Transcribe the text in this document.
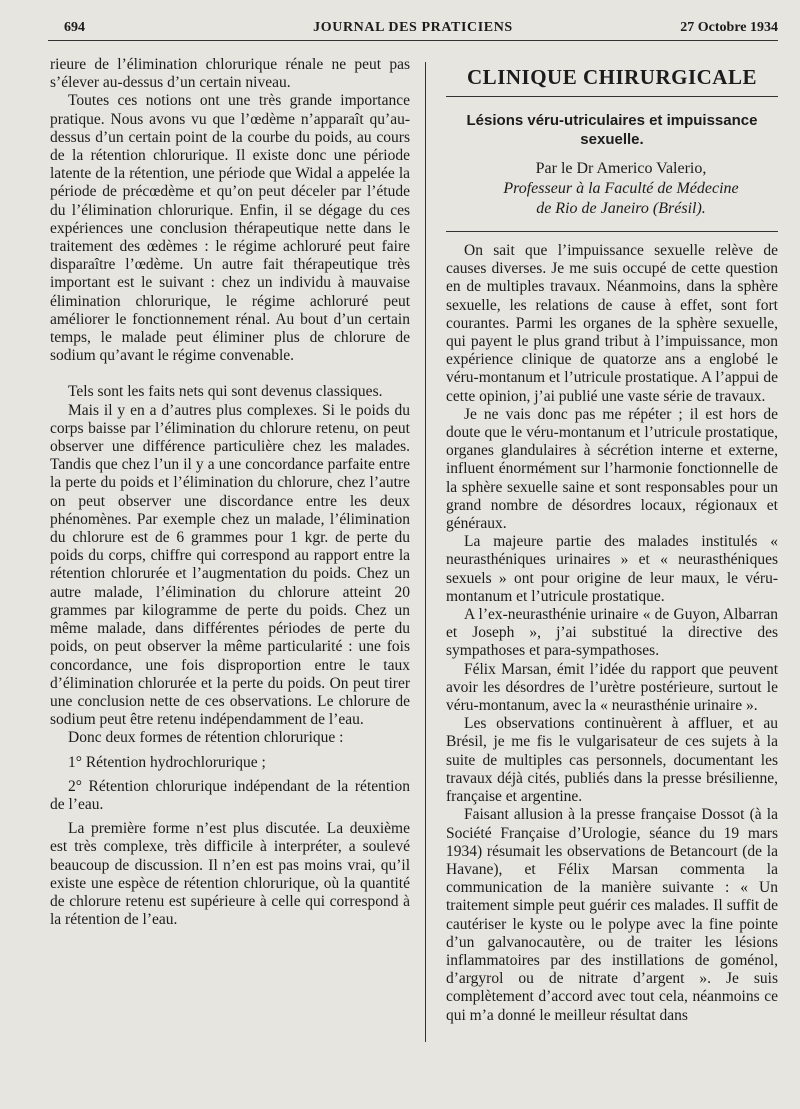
694	JOURNAL DES PRATICIENS	27 Octobre 1934

rieure de l’élimination chlorurique rénale ne peut pas s’élever au-dessus d’un certain niveau.

Toutes ces notions ont une très grande importance pratique. Nous avons vu que l’œdème n’apparaît qu’au-dessus d’un certain point de la courbe du poids, au cours de la rétention chlorurique. Il existe donc une période latente de la rétention, une période que Widal a appelée la période de précœdème et qu’on peut déceler par l’étude du l’élimination chlorurique. Enfin, il se dégage du ces expériences une conclusion thérapeutique nette dans le traitement des œdèmes : le régime achloruré peut faire disparaître l’œdème. Un autre fait thérapeutique très important est le suivant : chez un individu à mauvaise élimination chlorurique, le régime achloruré peut améliorer le fonctionnement rénal. Au bout d’un certain temps, le malade peut éliminer plus de chlorure de sodium qu’avant le régime convenable.

Tels sont les faits nets qui sont devenus classiques.

Mais il y en a d’autres plus complexes. Si le poids du corps baisse par l’élimination du chlorure retenu, on peut observer une différence particulière chez les malades. Tandis que chez l’un il y a une concordance parfaite entre la perte du poids et l’élimination du chlorure, chez l’autre on peut observer une discordance entre les deux phénomènes. Par exemple chez un malade, l’élimination du chlorure est de 6 grammes pour 1 kgr. de perte du poids du corps, chiffre qui correspond au rapport entre la rétention chlorurée et l’augmentation du poids. Chez un autre malade, l’élimination du chlorure atteint 20 grammes par kilogramme de perte du poids. Chez un même malade, dans différentes périodes de perte du poids, on peut observer la même particularité : une fois concordance, une fois disproportion entre le taux d’élimination chlorurée et la perte du poids. On peut tirer une conclusion nette de ces observations. Le chlorure de sodium peut être retenu indépendamment de l’eau.

Donc deux formes de rétention chlorurique :

1° Rétention hydrochlorurique ;

2° Rétention chlorurique indépendant de la rétention de l’eau.

La première forme n’est plus discutée. La deuxième est très complexe, très difficile à interpréter, a soulevé beaucoup de discussion. Il n’en est pas moins vrai, qu’il existe une espèce de rétention chlorurique, où la quantité de chlorure retenu est supérieure à celle qui correspond à la rétention de l’eau.

CLINIQUE CHIRURGICALE
Lésions véru-utriculaires et impuissance sexuelle.

Par le Dr Americo Valerio,

Professeur à la Faculté de Médecine

de Rio de Janeiro (Brésil).

On sait que l’impuissance sexuelle relève de causes diverses. Je me suis occupé de cette question en de multiples travaux. Néanmoins, dans la sphère sexuelle, les relations de cause à effet, sont fort courantes. Parmi les organes de la sphère sexuelle, qui payent le plus grand tribut à l’impuissance, mon expérience clinique de quatorze ans a englobé le véru-montanum et l’utricule prostatique. A l’appui de cette opinion, j’ai publié une vaste série de travaux.

Je ne vais donc pas me répéter ; il est hors de doute que le véru-montanum et l’utricule prostatique, organes glandulaires à sécrétion interne et externe, influent énormément sur l’harmonie fonctionnelle de la sphère sexuelle saine et sont responsables pour un grand nombre de désordres locaux, régionaux et généraux.

La majeure partie des malades institulés « neurasthéniques urinaires » et « neurasthéniques sexuels » ont pour origine de leur maux, le véru-montanum et l’utricule prostatique.

A l’ex-neurasthénie urinaire « de Guyon, Albarran et Joseph », j’ai substitué la directive des sympathoses et para-sympathoses.

Félix Marsan, émit l’idée du rapport que peuvent avoir les désordres de l’urètre postérieure, surtout le véru-montanum, avec la « neurasthénie urinaire ».

Les observations continuèrent à affluer, et au Brésil, je me fis le vulgarisateur de ces sujets à la suite de multiples cas personnels, documentant les travaux déjà cités, publiés dans la presse brésilienne, française et argentine.

Faisant allusion à la presse française Dossot (à la Société Française d’Urologie, séance du 19 mars 1934) résumait les observations de Betancourt (de la Havane), et Félix Marsan commenta la communication de la manière suivante : « Un traitement simple peut guérir ces malades. Il suffit de cautériser le kyste ou le polype avec la fine pointe d’un galvanocautère, ou de traiter les lésions inflammatoires par des instillations de goménol, d’argyrol ou de nitrate d’argent ». Je suis complètement d’accord avec tout cela, néanmoins ce qui m’a donné le meilleur résultat dans
